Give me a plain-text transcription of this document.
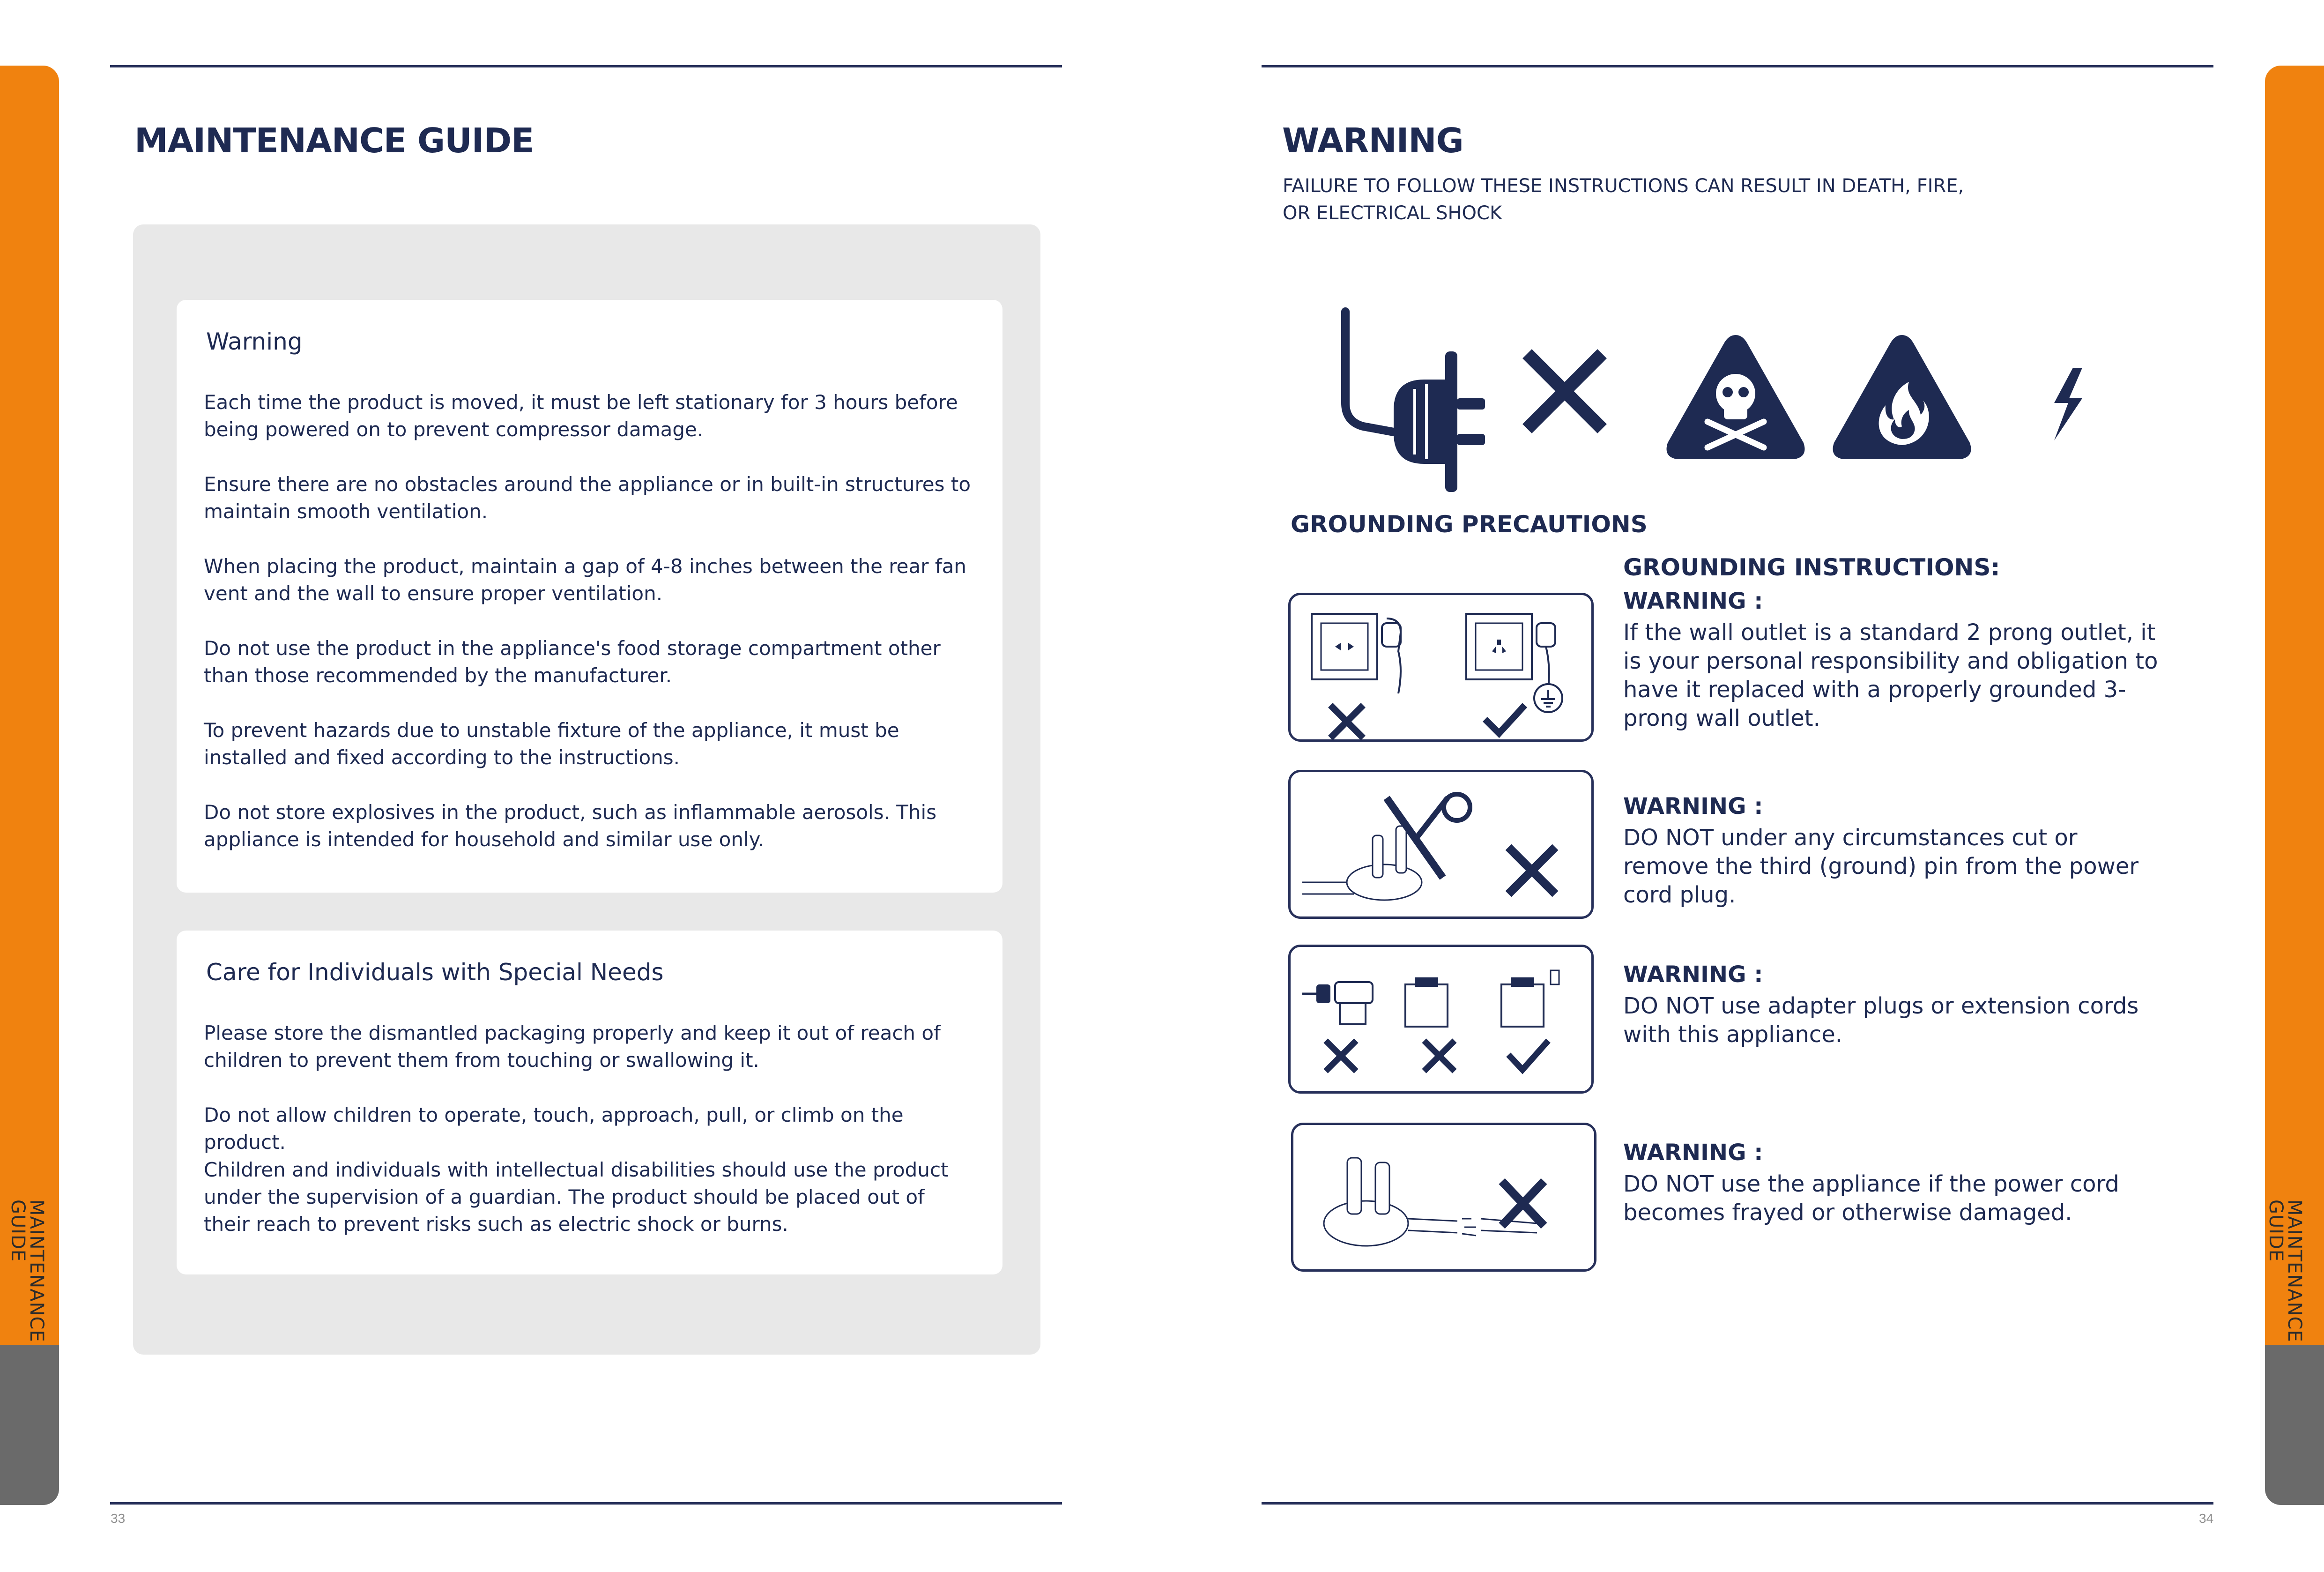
MAINTENANCE GUIDE	MAINTENANCE GUIDE
MAINTENANCE GUIDE
Warning
Each time the product is moved, it must be left stationary for 3 hours before being powered on to prevent compressor damage.
Ensure there are no obstacles around the appliance or in built-in structures to maintain smooth ventilation.
When placing the product, maintain a gap of 4-8 inches between the rear fan vent and the wall to ensure proper ventilation.
Do not use the product in the appliance's food storage compartment other than those recommended by the manufacturer.
To prevent hazards due to unstable fixture of the appliance, it must be installed and fixed according to the instructions.
Do not store explosives in the product, such as inflammable aerosols. This appliance is intended for household and similar use only.
Care for Individuals with Special Needs
Please store the dismantled packaging properly and keep it out of reach of children to prevent them from touching or swallowing it.
Do not allow children to operate, touch, approach, pull, or climb on the product.
Children and individuals with intellectual disabilities should use the product under the supervision of a guardian. The product should be placed out of their reach to prevent risks such as electric shock or burns.
33
WARNING
FAILURE TO FOLLOW THESE INSTRUCTIONS CAN RESULT IN DEATH, FIRE, OR ELECTRICAL SHOCK
GROUNDING PRECAUTIONS
GROUNDING INSTRUCTIONS:
WARNING :
If the wall outlet is a standard 2 prong outlet, it is your personal responsibility and obligation to have it replaced with a properly grounded 3-prong wall outlet.
WARNING :
DO NOT under any circumstances cut or remove the third (ground) pin from the power cord plug.
WARNING :
DO NOT use adapter plugs or extension cords with this appliance.
WARNING :
DO NOT use the appliance if the power cord becomes frayed or otherwise damaged.
34
